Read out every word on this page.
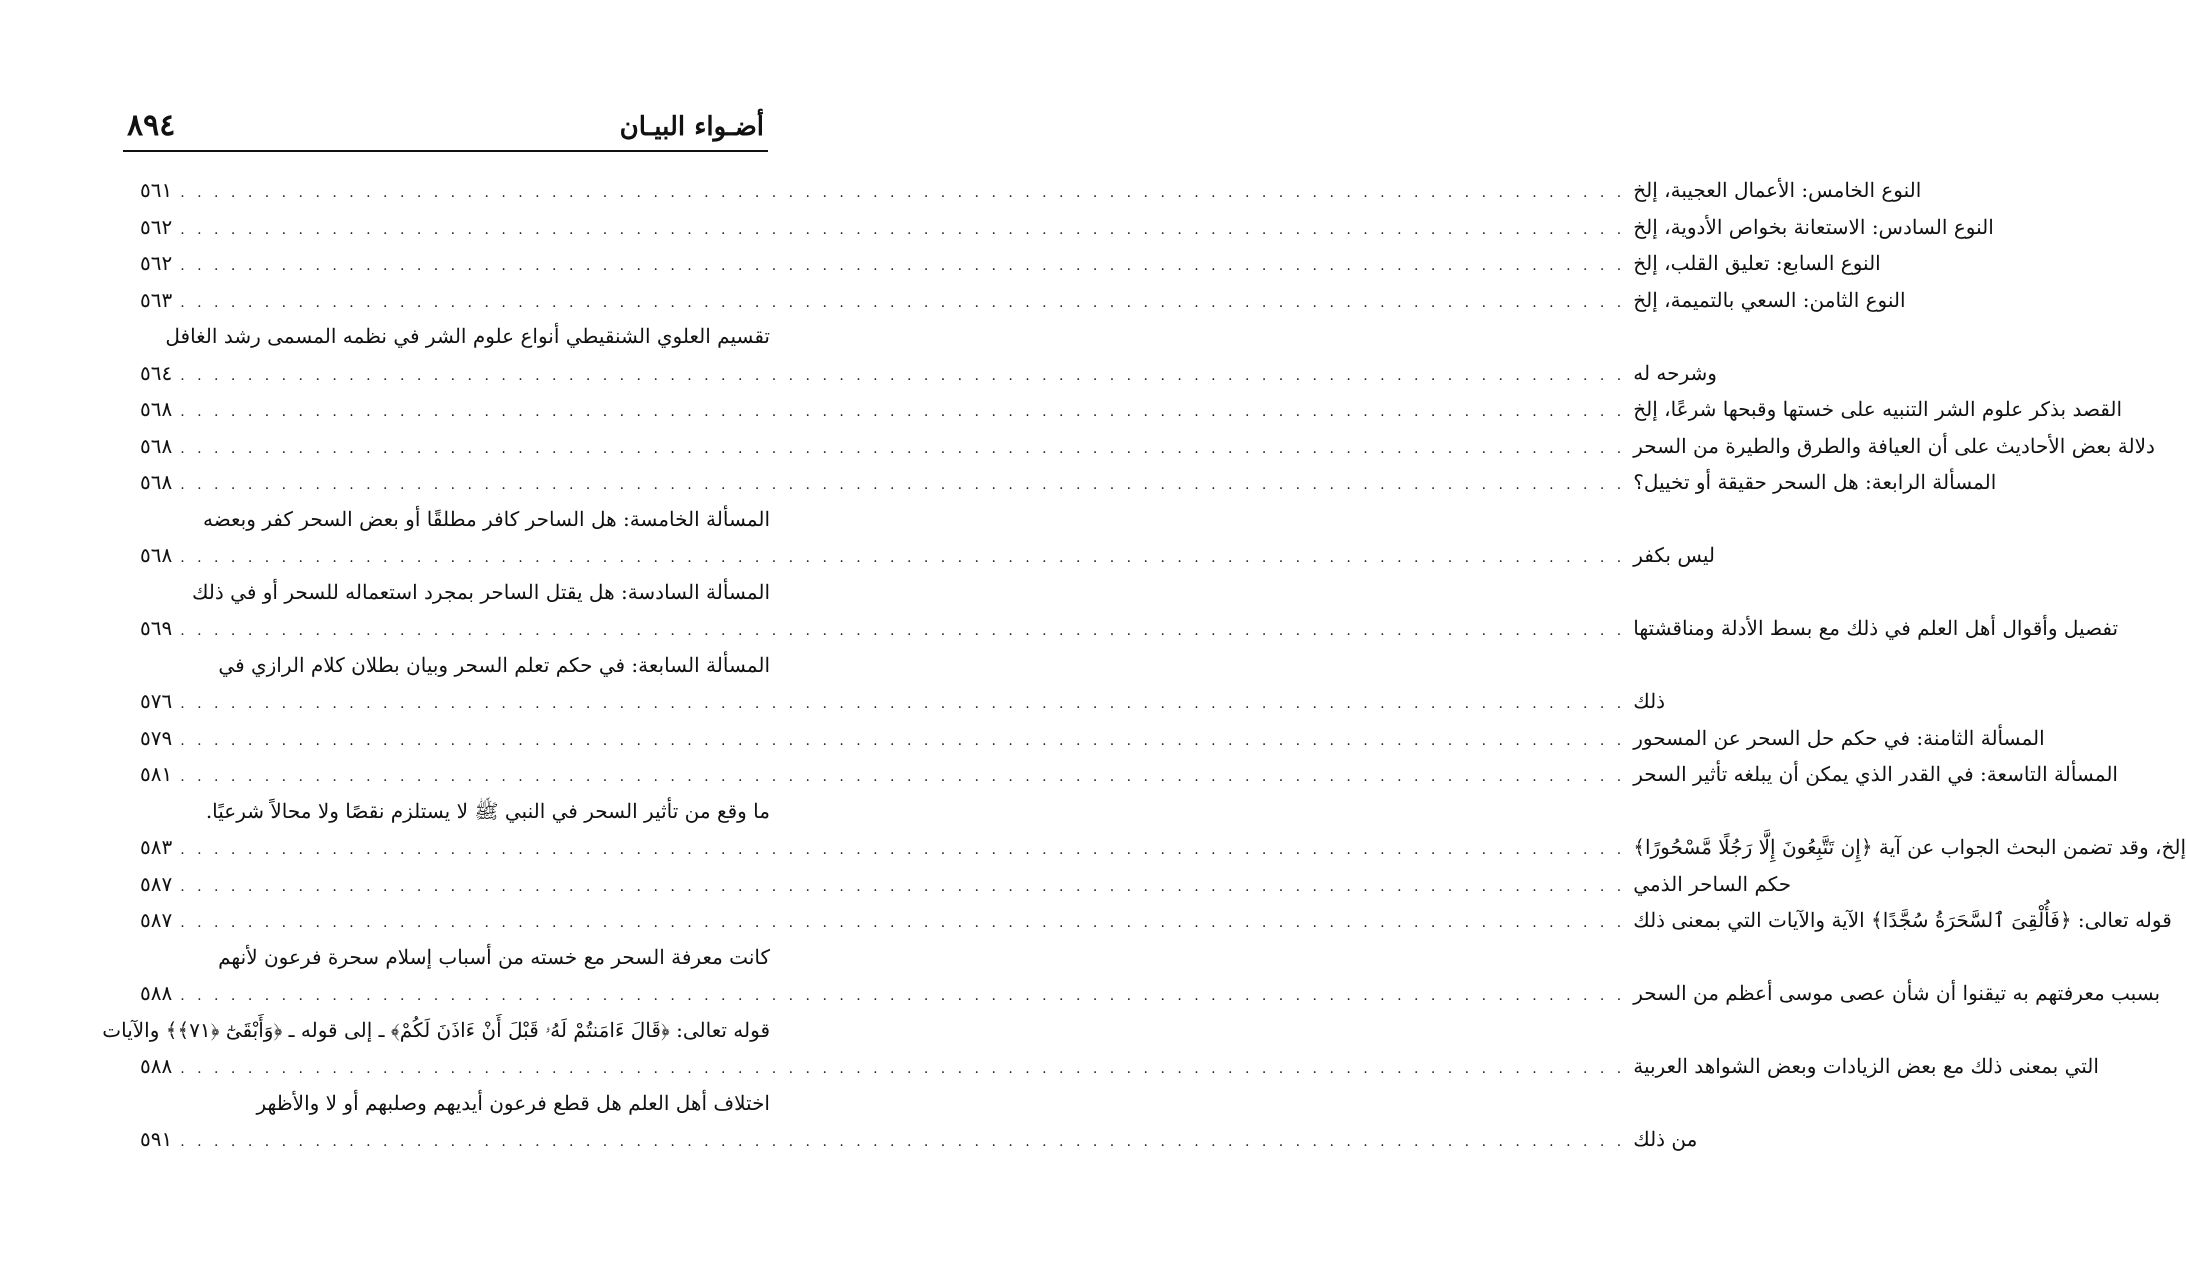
٨٩٤	أضـواء البيـان
٥٦١ . . .	النوع الخامس: الأعمال العجيبة، إلخ
٥٦٢ . . .	النوع السادس: الاستعانة بخواص الأدوية، إلخ
٥٦٢ . . .	النوع السابع: تعليق القلب، إلخ
٥٦٣ . . .	النوع الثامن: السعي بالتميمة، إلخ
تقسيم العلوي الشنقيطي أنواع علوم الشر في نظمه المسمى رشد الغافل
٥٦٤ . . .	وشرحه له
٥٦٨ . . .	القصد بذكر علوم الشر التنبيه على خستها وقبحها شرعًا، إلخ
٥٦٨ . . .	دلالة بعض الأحاديث على أن العيافة والطرق والطيرة من السحر
٥٦٨ . . .	المسألة الرابعة: هل السحر حقيقة أو تخييل؟
المسألة الخامسة: هل الساحر كافر مطلقًا أو بعض السحر كفر وبعضه
٥٦٨ . . .	ليس بكفر
المسألة السادسة: هل يقتل الساحر بمجرد استعماله للسحر أو في ذلك
٥٦٩ . . .	تفصيل وأقوال أهل العلم في ذلك مع بسط الأدلة ومناقشتها
المسألة السابعة: في حكم تعلم السحر وبيان بطلان كلام الرازي في
٥٧٦ . . .	ذلك
٥٧٩ . . .	المسألة الثامنة: في حكم حل السحر عن المسحور
٥٨١ . . .	المسألة التاسعة: في القدر الذي يمكن أن يبلغه تأثير السحر
ما وقع من تأثير السحر في النبي ﷺ لا يستلزم نقصًا ولا محالاً شرعيًا.
٥٨٣ . . .	إلخ، وقد تضمن البحث الجواب عن آية ﴿إِن تَتَّبِعُونَ إِلَّا رَجُلًا مَّسْحُورًا﴾
٥٨٧ . . .	حكم الساحر الذمي
٥٨٧ . . .	قوله تعالى: ﴿فَأُلْقِىَ ٱلسَّحَرَةُ سُجَّدًا﴾ الآية والآيات التي بمعنى ذلك
كانت معرفة السحر مع خسته من أسباب إسلام سحرة فرعون لأنهم
٥٨٨ . . .	بسبب معرفتهم به تيقنوا أن شأن عصى موسى أعظم من السحر
قوله تعالى: ﴿قَالَ ءَامَنتُمْ لَهُۥ قَبْلَ أَنْ ءَاذَنَ لَكُمْ﴾ ـ إلى قوله ـ ﴿وَأَبْقَىٰٓ ﴿٧١﴾﴾ والآيات
٥٨٨ . . .	التي بمعنى ذلك مع بعض الزيادات وبعض الشواهد العربية
اختلاف أهل العلم هل قطع فرعون أيديهم وصلبهم أو لا والأظهر
٥٩١ . . .	من ذلك
